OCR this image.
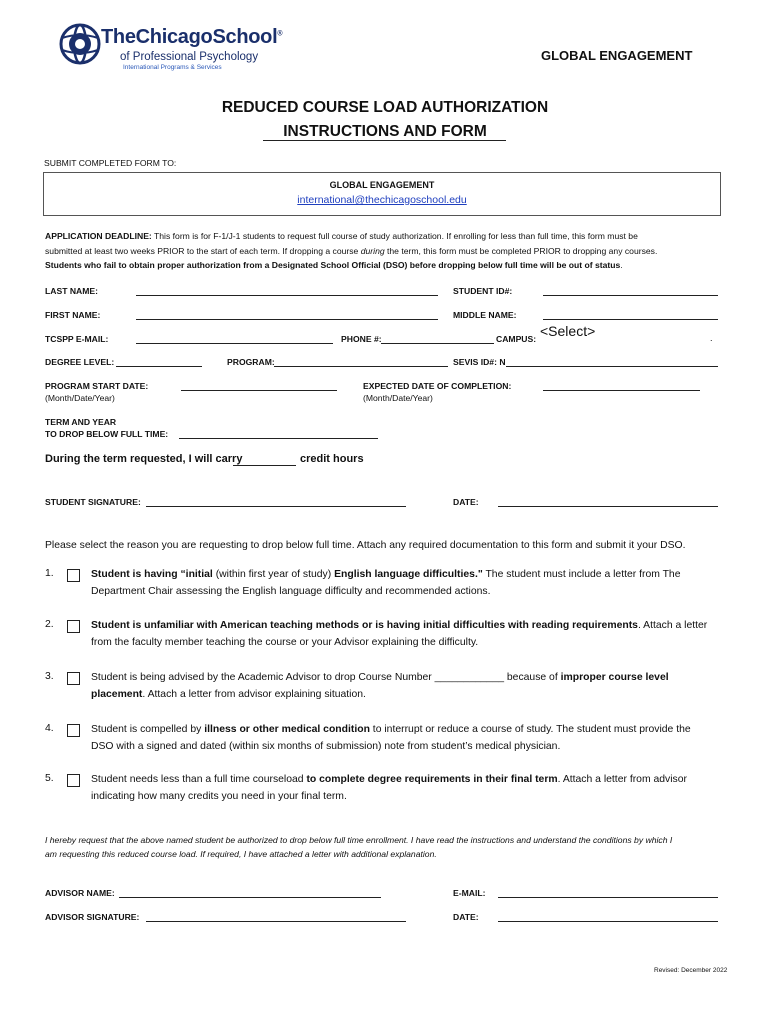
TheChicagoSchool®
of Professional Psychology
International Programs & Services
GLOBAL ENGAGEMENT
REDUCED COURSE LOAD AUTHORIZATION
INSTRUCTIONS AND FORM
SUBMIT COMPLETED FORM TO:
GLOBAL ENGAGEMENT
international@thechicagoschool.edu
APPLICATION DEADLINE: This form is for F-1/J-1 students to request full course of study authorization. If enrolling for less than full time, this form must be
submitted at least two weeks PRIOR to the start of each term. If dropping a course during the term, this form must be completed PRIOR to dropping any courses.
Students who fail to obtain proper authorization from a Designated School Official (DSO) before dropping below full time will be out of status.
LAST NAME:	STUDENT ID#:
FIRST NAME:	MIDDLE NAME:
TCSPP E-MAIL:	PHONE #:	CAMPUS: <Select>	.
DEGREE LEVEL:	PROGRAM:	SEVIS ID#: N
PROGRAM START DATE:
(Month/Date/Year)
EXPECTED DATE OF COMPLETION:
(Month/Date/Year)
TERM AND YEAR
TO DROP BELOW FULL TIME:
During the term requested, I will carry	credit hours
STUDENT SIGNATURE:	DATE:
Please select the reason you are requesting to drop below full time. Attach any required documentation to this form and submit it your DSO.
1.	Student is having “initial (within first year of study) English language difficulties." The student must include a letter from The
Department Chair assessing the English language difficulty and recommended actions.
2.	Student is unfamiliar with American teaching methods or is having initial difficulties with reading requirements. Attach a letter
from the faculty member teaching the course or your Advisor explaining the difficulty.
3.	Student is being advised by the Academic Advisor to drop Course Number ____________ because of improper course level
placement. Attach a letter from advisor explaining situation.
4.	Student is compelled by illness or other medical condition to interrupt or reduce a course of study. The student must provide the
DSO with a signed and dated (within six months of submission) note from student’s medical physician.
5.	Student needs less than a full time courseload to complete degree requirements in their final term. Attach a letter from advisor
indicating how many credits you need in your final term.
I hereby request that the above named student be authorized to drop below full time enrollment. I have read the instructions and understand the conditions by which I
am requesting this reduced course load. If required, I have attached a letter with additional explanation.
ADVISOR NAME:	E-MAIL:
ADVISOR SIGNATURE:	DATE:
Revised: December 2022
